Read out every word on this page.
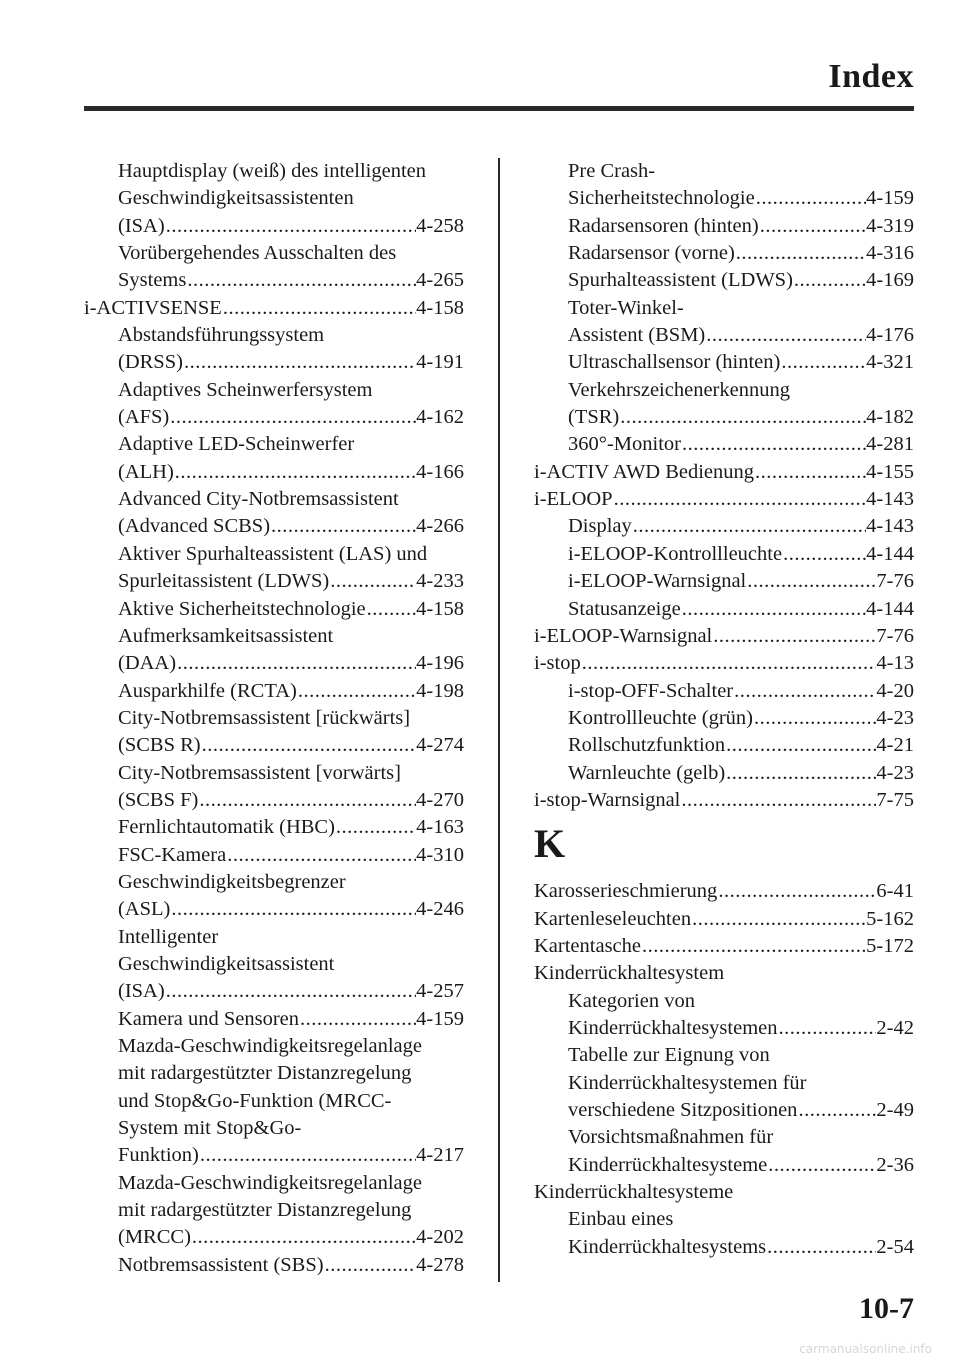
Index
Hauptdisplay (weiß) des intelligenten
Geschwindigkeitsassistenten
(ISA) .....	4-258
Vorübergehendes Ausschalten des
Systems .....	4-265
i-ACTIVSENSE .....	4-158
Abstandsführungssystem
(DRSS) .....	4-191
Adaptives Scheinwerfersystem
(AFS) .....	4-162
Adaptive LED-Scheinwerfer
(ALH) .....	4-166
Advanced City-Notbremsassistent
(Advanced SCBS) .....	4-266
Aktiver Spurhalteassistent (LAS) und
Spurleitassistent (LDWS) .....	4-233
Aktive Sicherheitstechnologie ..... 4-158
Aufmerksamkeitsassistent
(DAA) .....	4-196
Ausparkhilfe (RCTA) .....	4-198
City-Notbremsassistent [rückwärts]
(SCBS R) .....	4-274
City-Notbremsassistent [vorwärts]
(SCBS F) .....	4-270
Fernlichtautomatik (HBC) .....	4-163
FSC-Kamera .....	4-310
Geschwindigkeitsbegrenzer
(ASL) .....	4-246
Intelligenter
Geschwindigkeitsassistent
(ISA) .....	4-257
Kamera und Sensoren .....	4-159
Mazda-Geschwindigkeitsregelanlage
mit radargestützter Distanzregelung
und Stop&Go-Funktion (MRCC-
System mit Stop&Go-
Funktion) .....	4-217
Mazda-Geschwindigkeitsregelanlage
mit radargestützter Distanzregelung
(MRCC) .....	4-202
Notbremsassistent (SBS) .....	4-278
Pre Crash-
Sicherheitstechnologie .....	4-159
Radarsensoren (hinten) .....	4-319
Radarsensor (vorne) .....	4-316
Spurhalteassistent (LDWS) .....	4-169
Toter-Winkel-
Assistent (BSM) .....	4-176
Ultraschallsensor (hinten) .....	4-321
Verkehrszeichenerkennung
(TSR) .....	4-182
360°-Monitor .....	4-281
i-ACTIV AWD Bedienung .....	4-155
i-ELOOP .....	4-143
Display .....	4-143
i-ELOOP-Kontrollleuchte .....	4-144
i-ELOOP-Warnsignal .....	7-76
Statusanzeige .....	4-144
i-ELOOP-Warnsignal .....	7-76
i-stop .....	4-13
i-stop-OFF-Schalter .....	4-20
Kontrollleuchte (grün) .....	4-23
Rollschutzfunktion .....	4-21
Warnleuchte (gelb) .....	4-23
i-stop-Warnsignal .....	7-75
K
Karosserieschmierung .....	6-41
Kartenleseleuchten .....	5-162
Kartentasche .....	5-172
Kinderrückhaltesystem
Kategorien von
Kinderrückhaltesystemen .....	2-42
Tabelle zur Eignung von
Kinderrückhaltesystemen für
verschiedene Sitzpositionen .....	2-49
Vorsichtsmaßnahmen für
Kinderrückhaltesysteme .....	2-36
Kinderrückhaltesysteme
Einbau eines
Kinderrückhaltesystems .....	2-54
10-7
carmanualsonline.info
